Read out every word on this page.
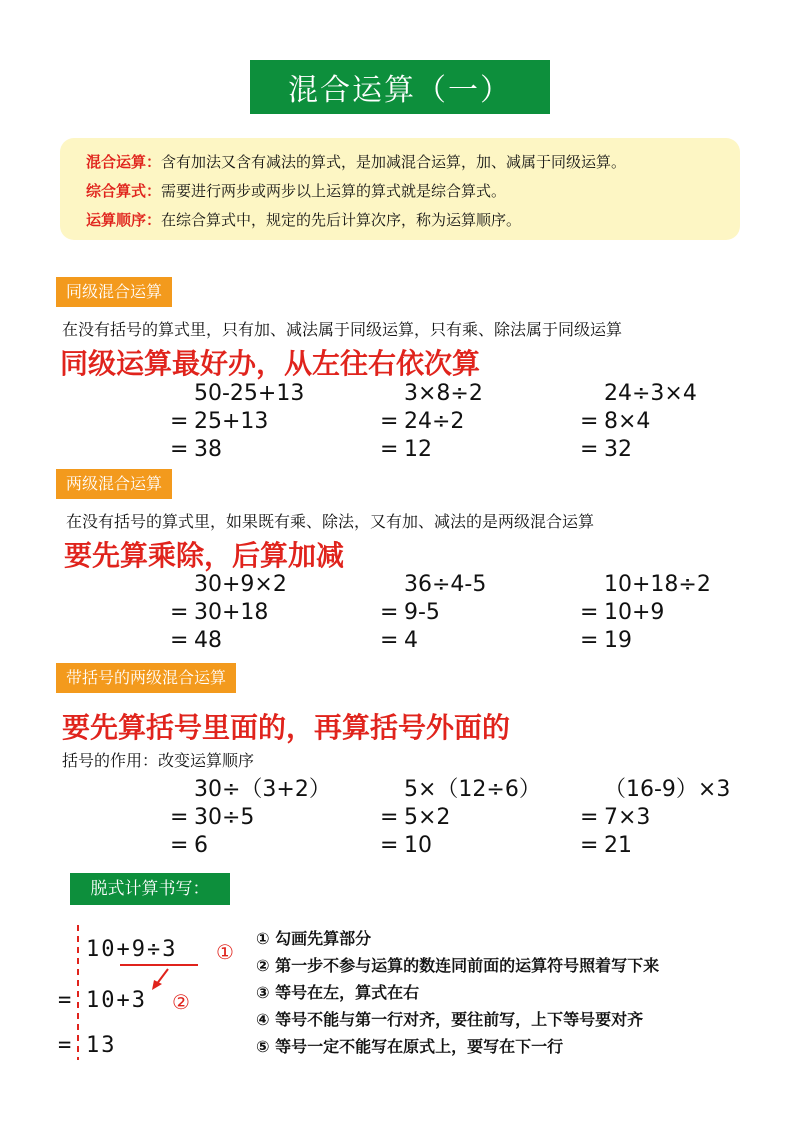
混合运算（一）
混合运算：含有加法又含有减法的算式，是加减混合运算，加、减属于同级运算。
综合算式：需要进行两步或两步以上运算的算式就是综合算式。
运算顺序：在综合算式中，规定的先后计算次序，称为运算顺序。
同级混合运算
在没有括号的算式里，只有加、减法属于同级运算，只有乘、除法属于同级运算
同级运算最好办，从左往右依次算
50-25+13
= 25+13
= 38
3×8÷2
= 24÷2
= 12
24÷3×4
= 8×4
= 32
两级混合运算
在没有括号的算式里，如果既有乘、除法，又有加、减法的是两级混合运算
要先算乘除，后算加减
30+9×2
= 30+18
= 48
36÷4-5
= 9-5
= 4
10+18÷2
= 10+9
= 19
带括号的两级混合运算
要先算括号里面的，再算括号外面的
括号的作用：改变运算顺序
30÷（3+2）
= 30÷5
= 6
5×（12÷6）
= 5×2
= 10
（16-9）×3
= 7×3
= 21
脱式计算书写：
10+9÷3 ①
= 10+3 ②
= 13
① 勾画先算部分
② 第一步不参与运算的数连同前面的运算符号照着写下来
③ 等号在左，算式在右
④ 等号不能与第一行对齐，要往前写，上下等号要对齐
⑤ 等号一定不能写在原式上，要写在下一行
